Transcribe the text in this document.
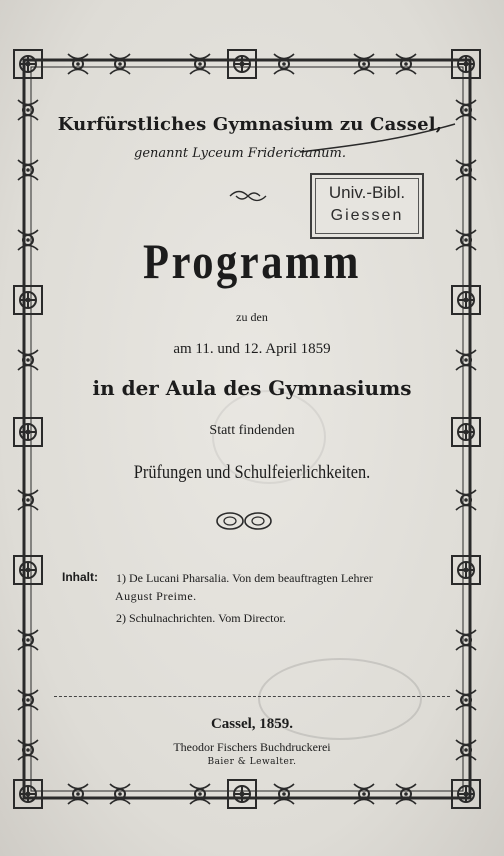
Kurfürstliches Gymnasium zu Cassel,
genannt Lyceum Fridericianum.
Univ.-Bibl.
Giessen
Programm
zu den
am 11. und 12. April 1859
in der Aula des Gymnasiums
Statt findenden
Prüfungen und Schulfeierlichkeiten.
Inhalt: 1) De Lucani Pharsalia. Von dem beauftragten Lehrer
August Preime.
2) Schulnachrichten. Vom Director.
Cassel, 1859.
Theodor Fischers Buchdruckerei
Baier & Lewalter.
